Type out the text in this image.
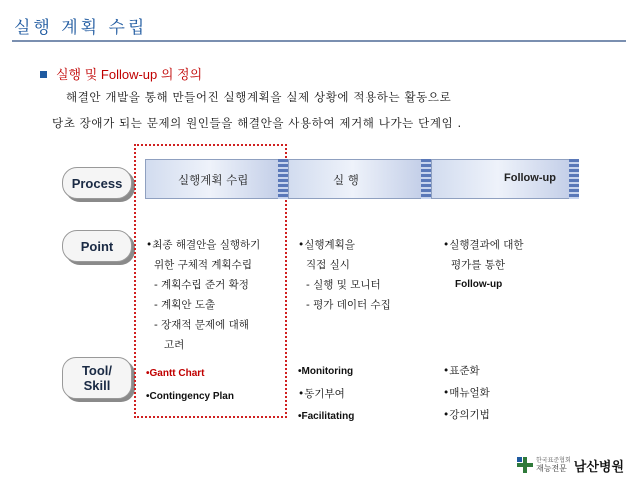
실행 계획 수립
실행 및 Follow-up 의 정의
해결안 개발을 통해 만들어진 실행계획을 실제 상황에 적용하는 활동으로
당초 장애가 되는 문제의 원인들을 해결안을 사용하여 제거해 나가는 단계임 .
Process
Point
Tool/
Skill
실행계획 수립	실 행	Follow-up
•최종 해결안을 실행하기
위한 구체적 계획수립
- 계획수립 준거 확정
- 계획안 도출
- 장재적 문제에 대해
고려
•실행계획을
직접 실시
- 실행 및 모니터
- 평가 데이터 수집
•실행결과에 대한
평가를 통한
Follow-up
•Gantt Chart
•Contingency Plan
•Monitoring
•동기부여
•Facilitating
•표준화
•매뉴얼화
•강의기법
한국표준협회
재능전문 남산병원
